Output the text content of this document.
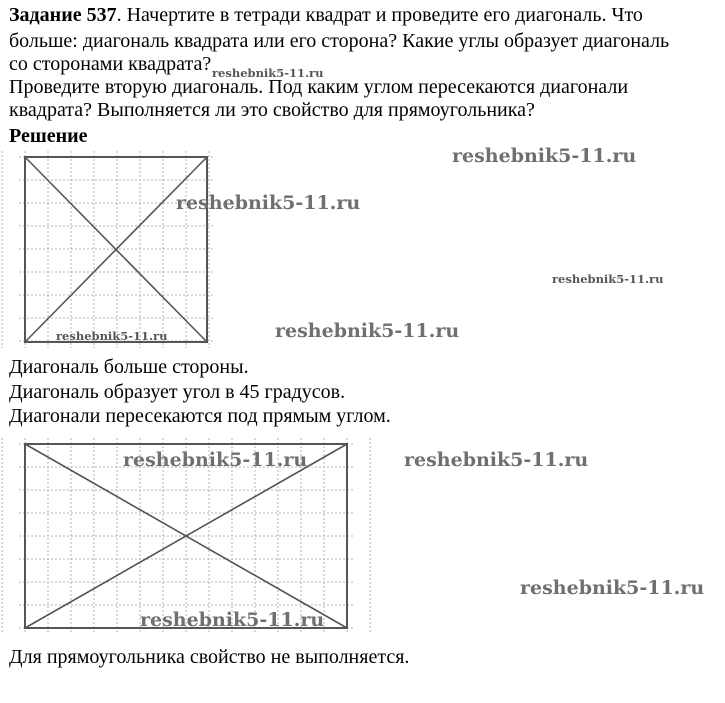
Задание 537. Начертите в тетради квадрат и проведите его диагональ. Что
больше: диагональ квадрата или его сторона? Какие углы образует диагональ
со сторонами квадрата?
Проведите вторую диагональ. Под каким углом пересекаются диагонали
квадрата? Выполняется ли это свойство для прямоугольника?
Решение
Диагональ больше стороны.
Диагональ образует угол в 45 градусов.
Диагонали пересекаются под прямым углом.
Для прямоугольника свойство не выполняется.
reshebnik5-11.ru
reshebnik5-11.ru
reshebnik5-11.ru
reshebnik5-11.ru
reshebnik5-11.ru	reshebnik5-11.ru
reshebnik5-11.ru	reshebnik5-11.ru
reshebnik5-11.ru
reshebnik5-11.ru
